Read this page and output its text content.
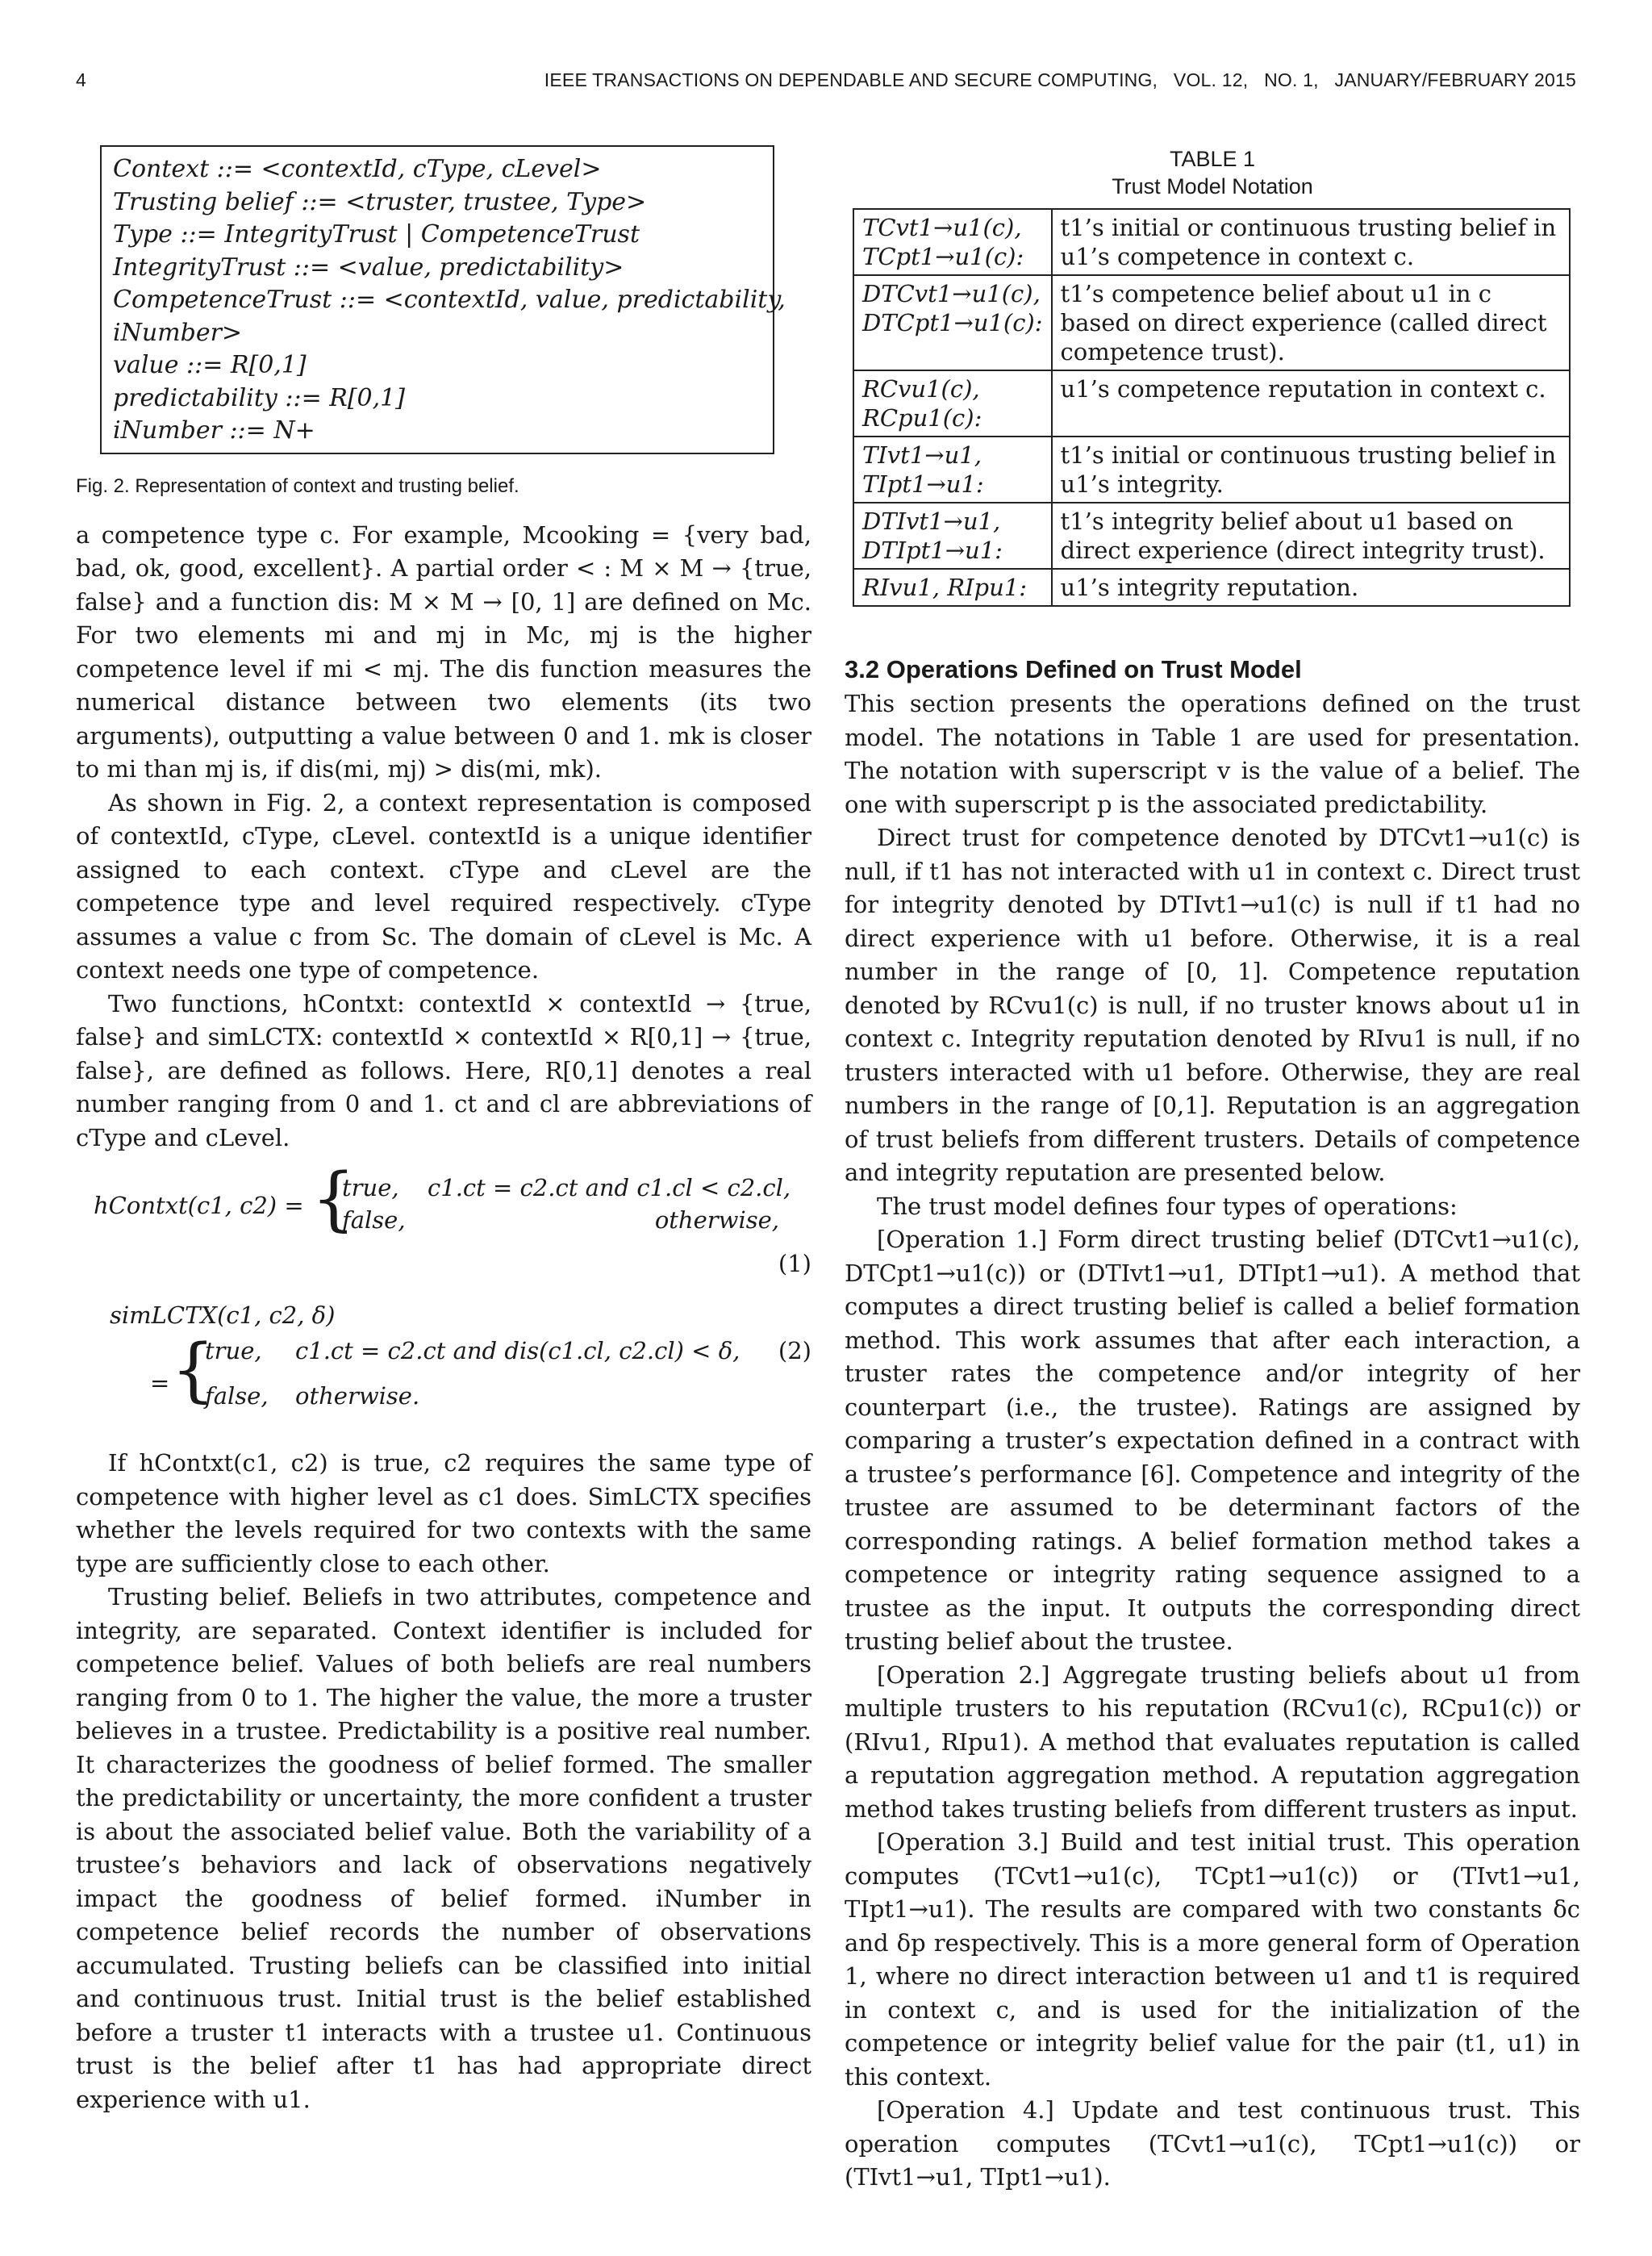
4	IEEE TRANSACTIONS ON DEPENDABLE AND SECURE COMPUTING,   VOL. 12,   NO. 1,   JANUARY/FEBRUARY 2015
Context ::= <contextId, cType, cLevel>
Trusting belief ::= <truster, trustee, Type>
Type ::= IntegrityTrust | CompetenceTrust
IntegrityTrust ::= <value, predictability>
CompetenceTrust ::= <contextId, value, predictability,
iNumber>
value ::= R[0,1]
predictability ::= R[0,1]
iNumber ::= N+
Fig. 2. Representation of context and trusting belief.

a competence type c. For example, Mcooking = {very bad, bad, ok, good, excellent}. A partial order < : M × M → {true, false} and a function dis: M × M → [0, 1] are defined on Mc. For two elements mi and mj in Mc, mj is the higher competence level if mi < mj. The dis function measures the numerical distance between two elements (its two arguments), outputting a value between 0 and 1. mk is closer to mi than mj is, if dis(mi, mj) > dis(mi, mk).

As shown in Fig. 2, a context representation is composed of contextId, cType, cLevel. contextId is a unique identifier assigned to each context. cType and cLevel are the competence type and level required respectively. cType assumes a value c from Sc. The domain of cLevel is Mc. A context needs one type of competence.

Two functions, hContxt: contextId × contextId → {true, false} and simLCTX: contextId × contextId × R[0,1] → {true, false}, are defined as follows. Here, R[0,1] denotes a real number ranging from 0 and 1. ct and cl are abbreviations of cType and cLevel.

hContxt(c1, c2) = {
true, c1.ct = c2.ct and c1.cl < c2.cl,
false,	otherwise,
(1)
simLCTX(c1, c2, δ)
= {
true, c1.ct = c2.ct and dis(c1.cl, c2.cl) < δ,
false, otherwise.
(2)

If hContxt(c1, c2) is true, c2 requires the same type of competence with higher level as c1 does. SimLCTX specifies whether the levels required for two contexts with the same type are sufficiently close to each other.

Trusting belief. Beliefs in two attributes, competence and integrity, are separated. Context identifier is included for competence belief. Values of both beliefs are real numbers ranging from 0 to 1. The higher the value, the more a truster believes in a trustee. Predictability is a positive real number. It characterizes the goodness of belief formed. The smaller the predictability or uncertainty, the more confident a truster is about the associated belief value. Both the variability of a trustee’s behaviors and lack of observations negatively impact the goodness of belief formed. iNumber in competence belief records the number of observations accumulated. Trusting beliefs can be classified into initial and continuous trust. Initial trust is the belief established before a truster t1 interacts with a trustee u1. Continuous trust is the belief after t1 has had appropriate direct experience with u1.

TABLE 1
Trust Model Notation
TCvt1→u1(c), TCpt1→u1(c):	t1’s initial or continuous trusting belief in u1’s competence in context c.
DTCvt1→u1(c), DTCpt1→u1(c):	t1’s competence belief about u1 in c based on direct experience (called direct competence trust).
RCvu1(c), RCpu1(c):	u1’s competence reputation in context c.
TIvt1→u1, TIpt1→u1:	t1’s initial or continuous trusting belief in u1’s integrity.
DTIvt1→u1, DTIpt1→u1:	t1’s integrity belief about u1 based on direct experience (direct integrity trust).
RIvu1, RIpu1:	u1’s integrity reputation.
3.2 Operations Defined on Trust Model

This section presents the operations defined on the trust model. The notations in Table 1 are used for presentation. The notation with superscript v is the value of a belief. The one with superscript p is the associated predictability.

Direct trust for competence denoted by DTCvt1→u1(c) is null, if t1 has not interacted with u1 in context c. Direct trust for integrity denoted by DTIvt1→u1(c) is null if t1 had no direct experience with u1 before. Otherwise, it is a real number in the range of [0, 1]. Competence reputation denoted by RCvu1(c) is null, if no truster knows about u1 in context c. Integrity reputation denoted by RIvu1 is null, if no trusters interacted with u1 before. Otherwise, they are real numbers in the range of [0,1]. Reputation is an aggregation of trust beliefs from different trusters. Details of competence and integrity reputation are presented below.

The trust model defines four types of operations:

[Operation 1.] Form direct trusting belief (DTCvt1→u1(c), DTCpt1→u1(c)) or (DTIvt1→u1, DTIpt1→u1). A method that computes a direct trusting belief is called a belief formation method. This work assumes that after each interaction, a truster rates the competence and/or integrity of her counterpart (i.e., the trustee). Ratings are assigned by comparing a truster’s expectation defined in a contract with a trustee’s performance [6]. Competence and integrity of the trustee are assumed to be determinant factors of the corresponding ratings. A belief formation method takes a competence or integrity rating sequence assigned to a trustee as the input. It outputs the corresponding direct trusting belief about the trustee.

[Operation 2.] Aggregate trusting beliefs about u1 from multiple trusters to his reputation (RCvu1(c), RCpu1(c)) or (RIvu1, RIpu1). A method that evaluates reputation is called a reputation aggregation method. A reputation aggregation method takes trusting beliefs from different trusters as input.

[Operation 3.] Build and test initial trust. This operation computes (TCvt1→u1(c), TCpt1→u1(c)) or (TIvt1→u1, TIpt1→u1). The results are compared with two constants δc and δp respectively. This is a more general form of Operation 1, where no direct interaction between u1 and t1 is required in context c, and is used for the initialization of the competence or integrity belief value for the pair (t1, u1) in this context.

[Operation 4.] Update and test continuous trust. This operation computes (TCvt1→u1(c), TCpt1→u1(c)) or (TIvt1→u1, TIpt1→u1).
